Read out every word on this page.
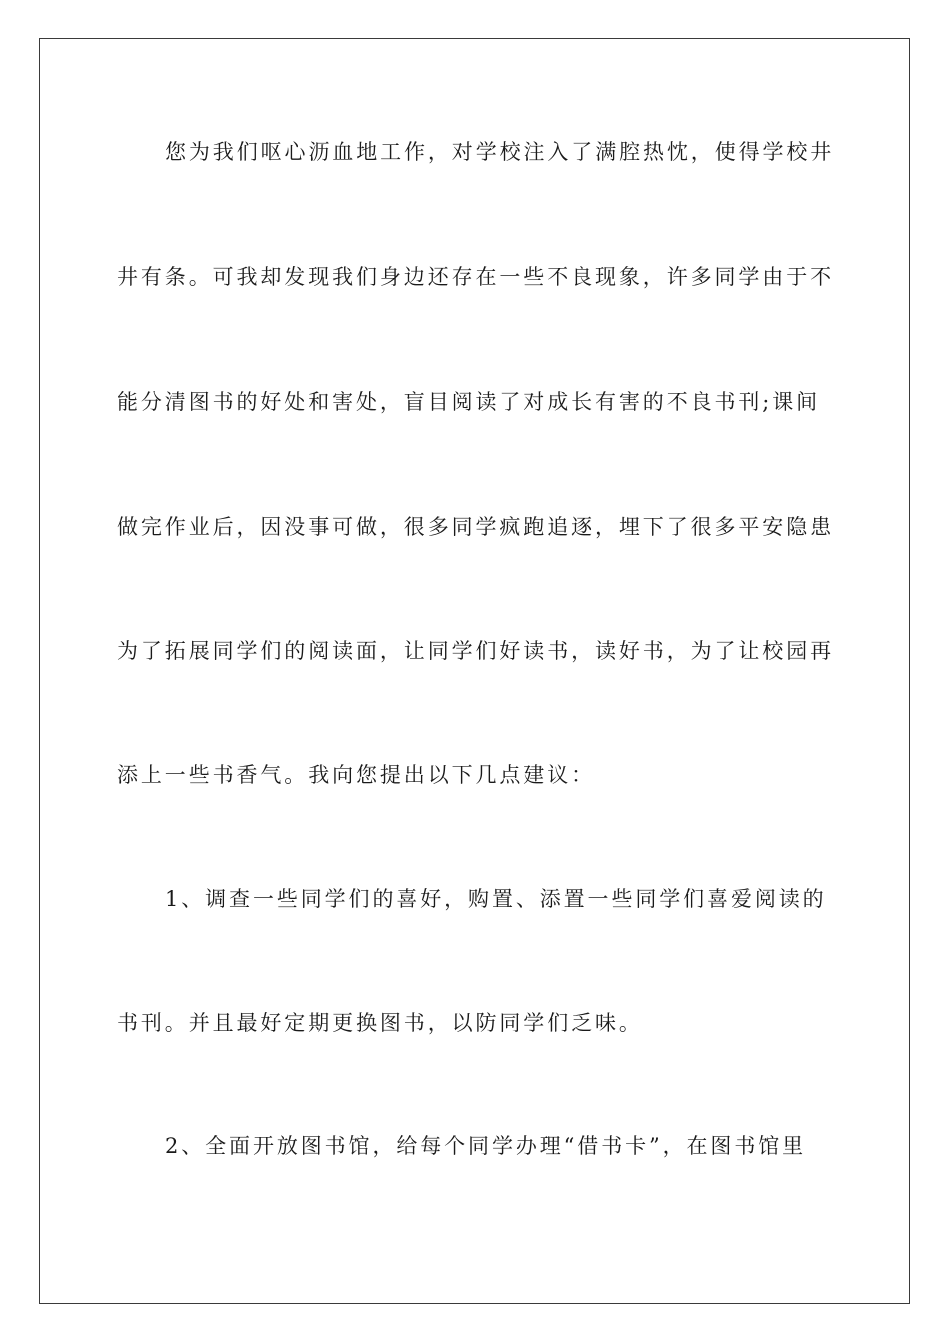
您为我们呕心沥血地工作，对学校注入了满腔热忱，使得学校井
井有条。可我却发现我们身边还存在一些不良现象，许多同学由于不
能分清图书的好处和害处，盲目阅读了对成长有害的不良书刊;课间
做完作业后，因没事可做，很多同学疯跑追逐，埋下了很多平安隐患
为了拓展同学们的阅读面，让同学们好读书，读好书，为了让校园再
添上一些书香气。我向您提出以下几点建议：
1、调查一些同学们的喜好，购置、添置一些同学们喜爱阅读的
书刊。并且最好定期更换图书，以防同学们乏味。
2、全面开放图书馆，给每个同学办理“借书卡”，在图书馆里
